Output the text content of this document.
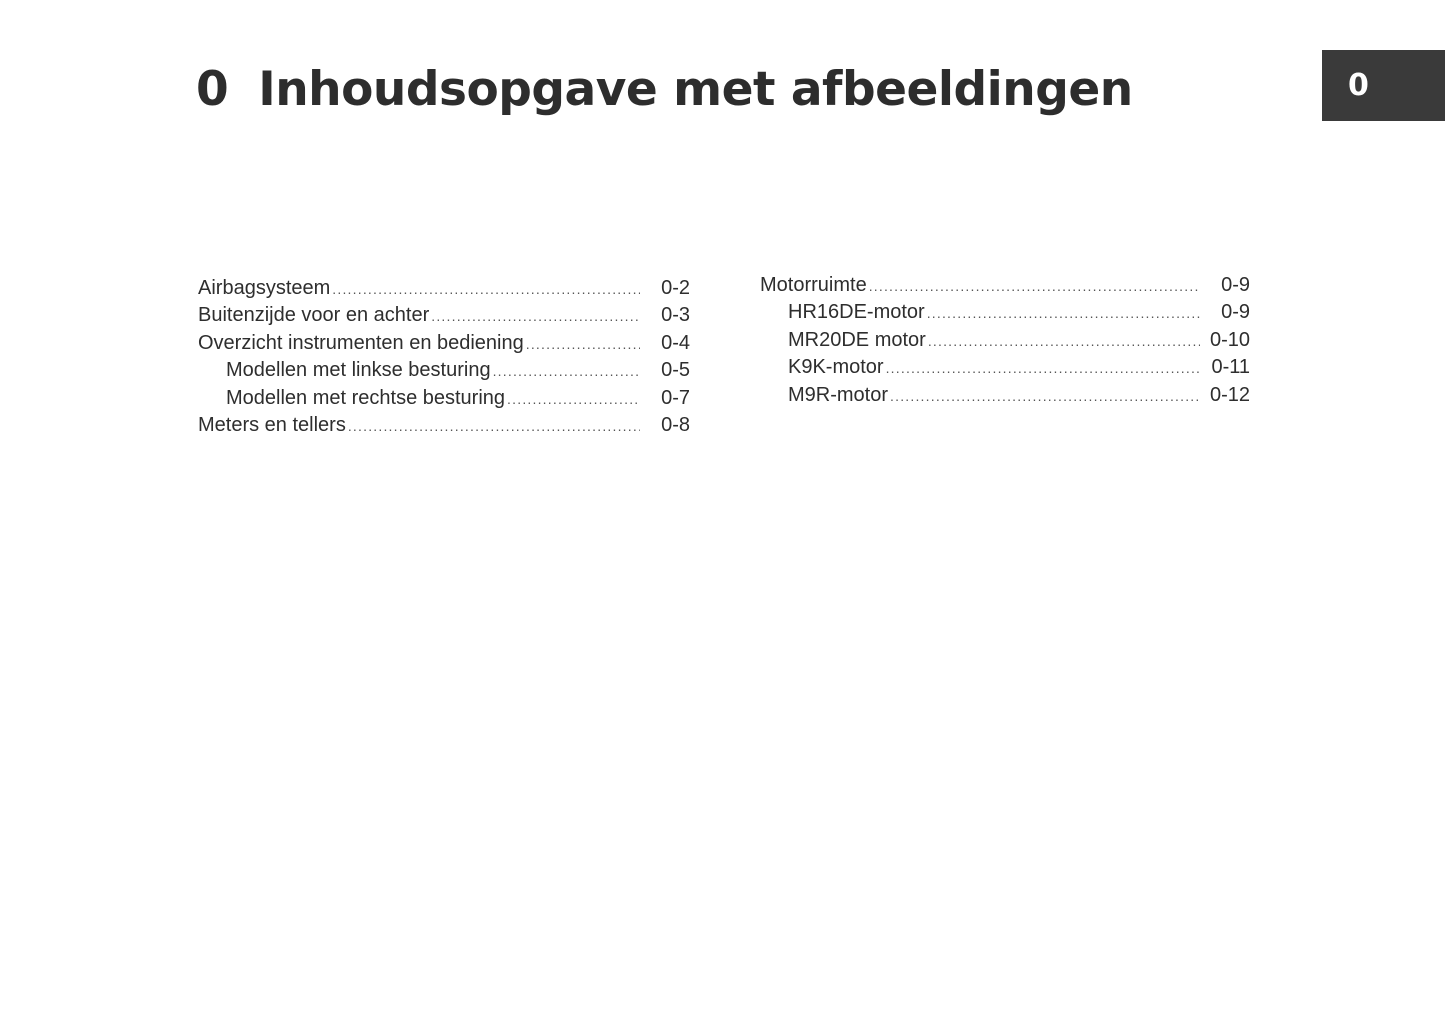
0 Inhoudsopgave met afbeeldingen	0
Airbagsysteem .....	0-2
Buitenzijde voor en achter .....	0-3
Overzicht instrumenten en bediening .....	0-4
Modellen met linkse besturing .....	0-5
Modellen met rechtse besturing .....	0-7
Meters en tellers .....	0-8
Motorruimte .....	0-9
HR16DE-motor .....	0-9
MR20DE motor .....	0-10
K9K-motor .....	0-11
M9R-motor .....	0-12
